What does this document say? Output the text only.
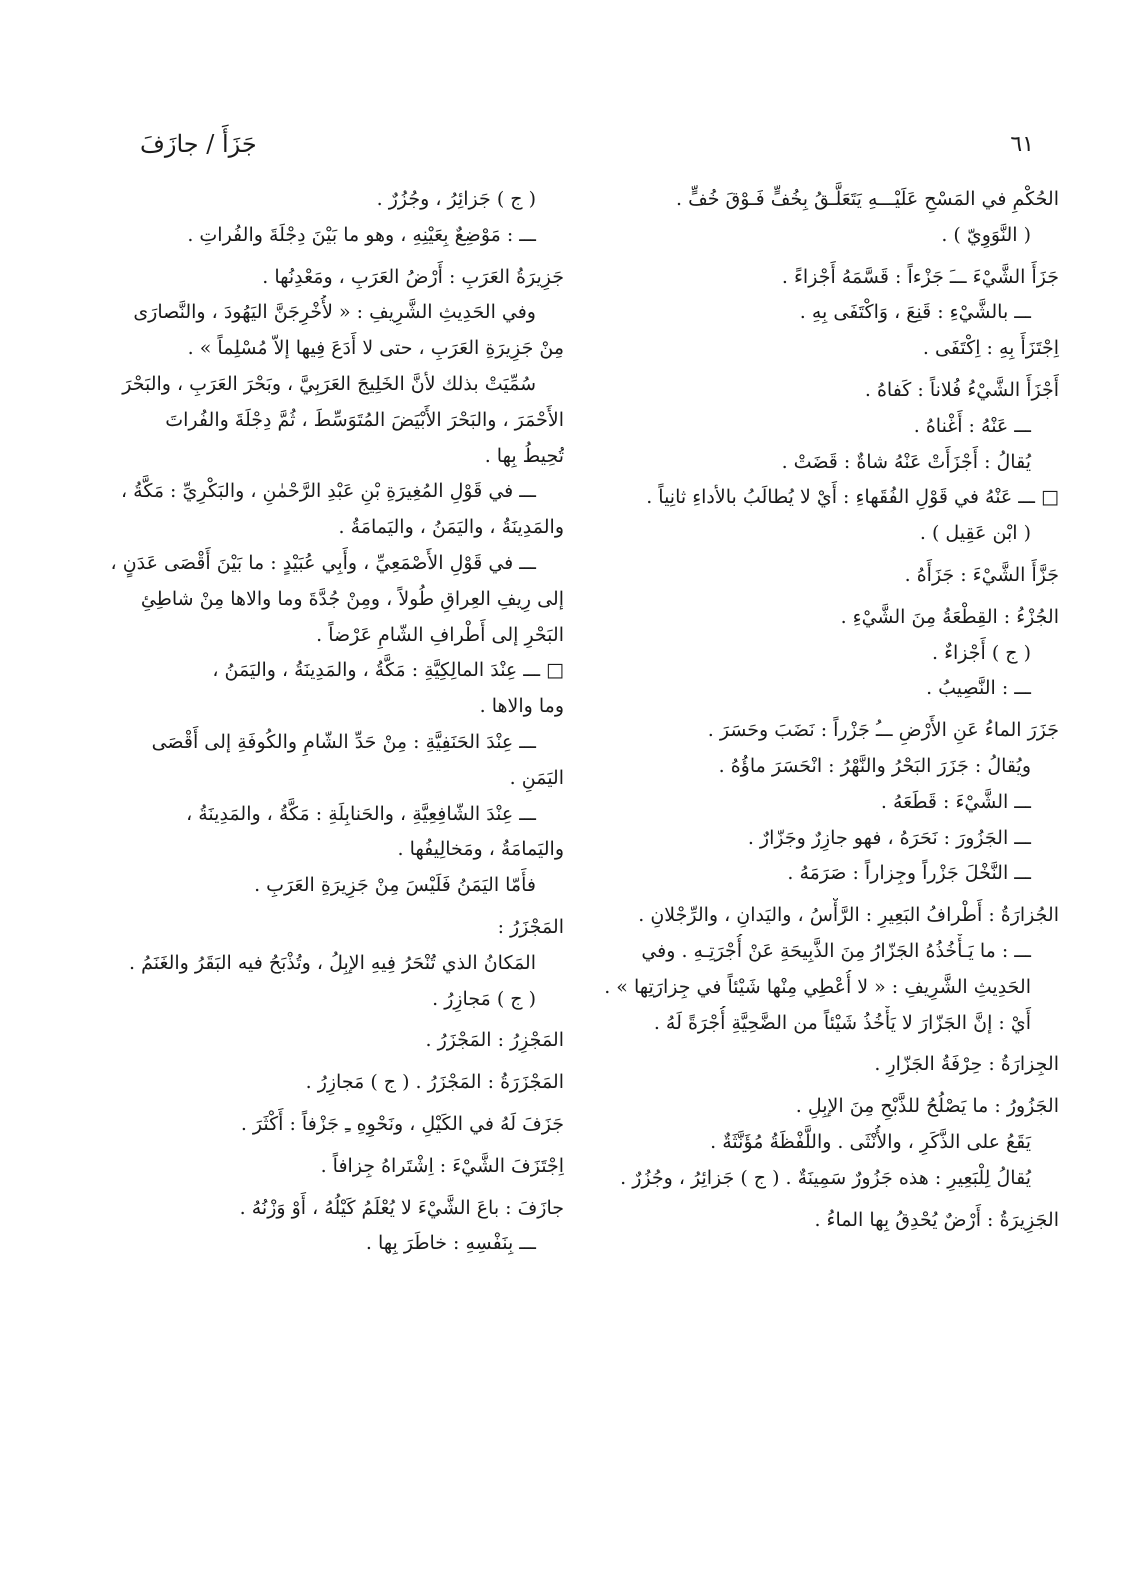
٦١
جَزَأَ / جازَفَ
الحُكْمِ في المَسْحِ عَلَيْـــهِ يَتَعَلَّـقُ بِخُفٍّ فَـوْقَ خُفٍّ .
( النَّوَوِيّ ) .
جَزَأَ الشَّيْءَ ـــَ جَزْءاً : قَسَّمَهُ أَجْزاءً .
ـــ بالشَّيْءِ : قَنِعَ ، وَاكْتَفَى بِهِ .
اِجْتَزَأَ بِهِ : اِكْتَفَى .
أَجْزَأَ الشَّيْءُ فُلاناً : كَفاهُ .
ـــ عَنْهُ : أَغْناهُ .
يُقالُ : أَجْزَأَتْ عَنْهُ شاةٌ : قَضَتْ .
□ ـــ عَنْهُ في قَوْلِ الفُقَهاءِ : أَيْ لا يُطالَبُ بالأداءِ ثانِياً .
( ابْن عَقِيل ) .
جَزَّأَ الشَّيْءَ : جَزَأَهُ .
الجُزْءُ : القِطْعَةُ مِنَ الشَّيْءِ .
( ج ) أَجْزاءٌ .
ـــ : النَّصِيبُ .
جَزَرَ الماءُ عَنِ الأَرْضِ ـــُ جَزْراً : نَضَبَ وحَسَرَ .
ويُقالُ : جَزَرَ البَحْرُ والنَّهْرُ : انْحَسَرَ ماؤُهُ .
ـــ الشَّيْءَ : قَطَعَهُ .
ـــ الجَزُورَ : نَحَرَهُ ، فهو جازِرٌ وجَزّارٌ .
ـــ النَّخْلَ جَزْراً وجِزاراً : صَرَمَهُ .
الجُزارَةُ : أَطْرافُ البَعِيرِ : الرَّأْسُ ، واليَدانِ ، والرِّجْلانِ .
ـــ : ما يَـأْخُذُهُ الجَزّارُ مِنَ الذَّبِيحَةِ عَنْ أُجْرَتِـهِ . وفي
الحَدِيثِ الشَّرِيفِ : « لا أُعْطِي مِنْها شَيْئاً في جِزارَتِها » .
أَيْ : إنَّ الجَزّارَ لا يَأْخُذُ شَيْئاً من الضَّحِيَّةِ أُجْرَةً لَهُ .
الجِزارَةُ : حِرْفَةُ الجَزّارِ .
الجَزُورُ : ما يَصْلُحُ للذَّبْحِ مِنَ الإبِلِ .
يَقَعُ على الذَّكَرِ ، والأُنْثَى . واللَّفْظَةُ مُؤَنَّثَةٌ .
يُقالُ لِلْبَعِيرِ : هذه جَزُورٌ سَمِينَةٌ . ( ج ) جَزائِرُ ، وجُزُرٌ .
الجَزِيرَةُ : أَرْضٌ يُحْدِقُ بِها الماءُ .
( ج ) جَزائِرُ ، وجُزُرٌ .
ـــ : مَوْضِعٌ بِعَيْنِهِ ، وهو ما بَيْنَ دِجْلَةَ والفُراتِ .
جَزِيرَةُ العَرَبِ : أَرْضُ العَرَبِ ، ومَعْدِنُها .
وفي الحَدِيثِ الشَّرِيفِ : « لأُخْرِجَنَّ اليَهُودَ ، والنَّصارَى
مِنْ جَزِيرَةِ العَرَبِ ، حتى لا أَدَعَ فِيها إلاّ مُسْلِماً » .
سُمِّيَتْ بذلك لأنَّ الخَلِيجَ العَرَبِيَّ ، وبَحْرَ العَرَبِ ، والبَحْرَ
الأَحْمَرَ ، والبَحْرَ الأَبْيَضَ المُتَوَسِّطَ ، ثُمَّ دِجْلَةَ والفُراتَ
تُحِيطُ بِها .
ـــ في قَوْلِ المُغِيرَةِ بْنِ عَبْدِ الرَّحْمٰنِ ، والبَكْرِيِّ : مَكَّةُ ،
والمَدِينَةُ ، واليَمَنُ ، واليَمامَةُ .
ـــ في قَوْلِ الأَصْمَعِيِّ ، وأَبِي عُبَيْدٍ : ما بَيْنَ أَقْصَى عَدَنٍ ،
إلى رِيفِ العِراقِ طُولاً ، ومِنْ جُدَّةَ وما والاها مِنْ شاطِئِ
البَحْرِ إلى أَطْرافِ الشّامِ عَرْضاً .
□ ـــ عِنْدَ المالِكِيَّةِ : مَكَّةُ ، والمَدِينَةُ ، واليَمَنُ ،
وما والاها .
ـــ عِنْدَ الحَنَفِيَّةِ : مِنْ حَدِّ الشّامِ والكُوفَةِ إلى أَقْصَى
اليَمَنِ .
ـــ عِنْدَ الشّافِعِيَّةِ ، والحَنابِلَةِ : مَكَّةُ ، والمَدِينَةُ ،
واليَمامَةُ ، ومَخالِيفُها .
فأَمّا اليَمَنُ فَلَيْسَ مِنْ جَزِيرَةِ العَرَبِ .
المَجْزَرُ :
المَكانُ الذي تُنْحَرُ فِيهِ الإبِلُ ، وتُذْبَحُ فيه البَقَرُ والغَنَمُ .
( ج ) مَجازِرُ .
المَجْزِرُ : المَجْزَرُ .
المَجْزَرَةُ : المَجْزَرُ . ( ج ) مَجازِرُ .
جَزَفَ لَهُ في الكَيْلِ ، ونَحْوِهِ ـِ جَزْفاً : أَكْثَرَ .
اِجْتَزَفَ الشَّيْءَ : اِشْتَراهُ جِزافاً .
جازَفَ : باعَ الشَّيْءَ لا يُعْلَمُ كَيْلُهُ ، أَوْ وَزْنُهُ .
ـــ بِنَفْسِهِ : خاطَرَ بِها .
